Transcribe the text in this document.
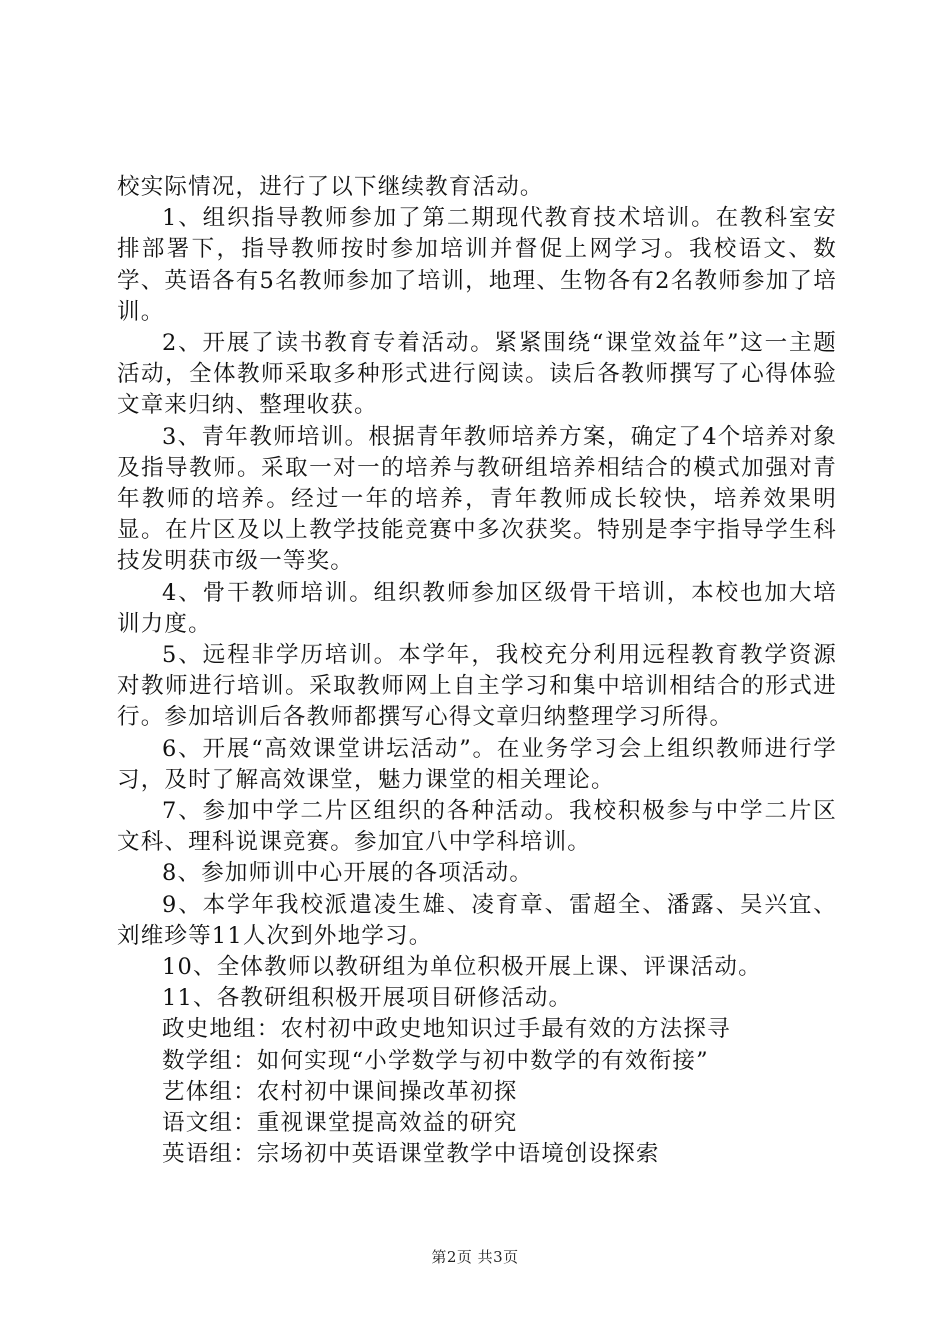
校实际情况，进行了以下继续教育活动。

1、组织指导教师参加了第二期现代教育技术培训。在教科室安排部署下，指导教师按时参加培训并督促上网学习。我校语文、数学、英语各有5名教师参加了培训，地理、生物各有2名教师参加了培训。

2、开展了读书教育专着活动。紧紧围绕“课堂效益年”这一主题活动，全体教师采取多种形式进行阅读。读后各教师撰写了心得体验文章来归纳、整理收获。

3、青年教师培训。根据青年教师培养方案，确定了4个培养对象及指导教师。采取一对一的培养与教研组培养相结合的模式加强对青年教师的培养。经过一年的培养，青年教师成长较快，培养效果明显。在片区及以上教学技能竞赛中多次获奖。特别是李宇指导学生科技发明获市级一等奖。

4、骨干教师培训。组织教师参加区级骨干培训，本校也加大培训力度。

5、远程非学历培训。本学年，我校充分利用远程教育教学资源对教师进行培训。采取教师网上自主学习和集中培训相结合的形式进行。参加培训后各教师都撰写心得文章归纳整理学习所得。

6、开展“高效课堂讲坛活动”。在业务学习会上组织教师进行学习，及时了解高效课堂，魅力课堂的相关理论。

7、参加中学二片区组织的各种活动。我校积极参与中学二片区文科、理科说课竞赛。参加宜八中学科培训。

8、参加师训中心开展的各项活动。

9、本学年我校派遣凌生雄、凌育章、雷超全、潘露、吴兴宜、刘维珍等11人次到外地学习。

10、全体教师以教研组为单位积极开展上课、评课活动。

11、各教研组积极开展项目研修活动。

政史地组：农村初中政史地知识过手最有效的方法探寻

数学组：如何实现“小学数学与初中数学的有效衔接”

艺体组：农村初中课间操改革初探

语文组：重视课堂提高效益的研究

英语组：宗场初中英语课堂教学中语境创设探索

第2页 共3页
